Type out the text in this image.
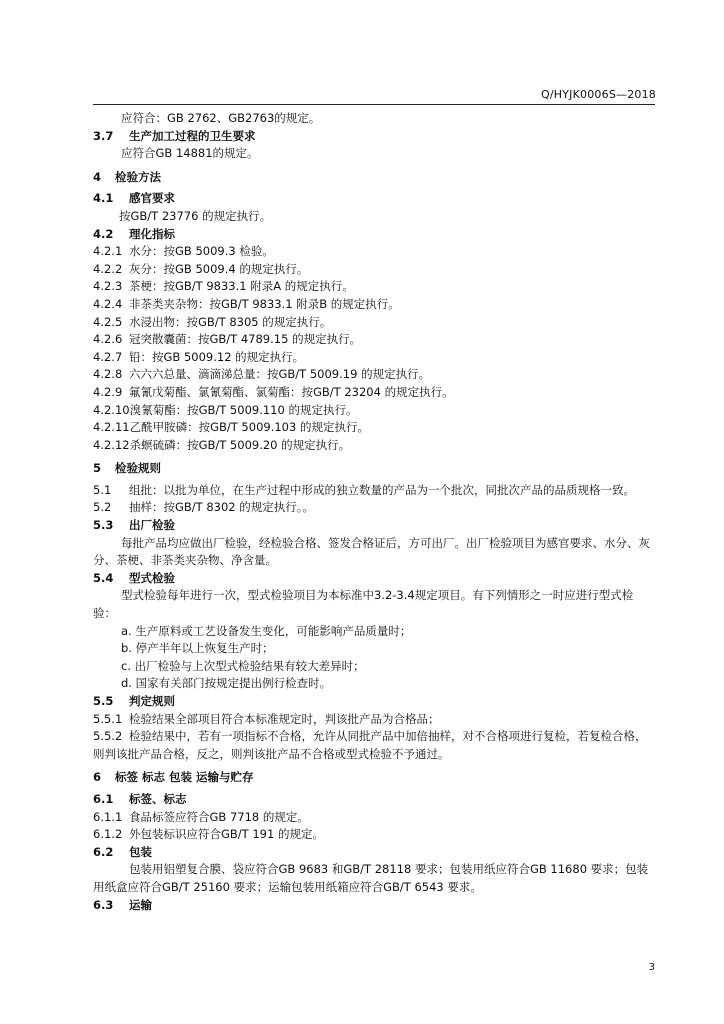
Q/HYJK0006S—2018
应符合：GB 2762、GB2763的规定。
3.7 生产加工过程的卫生要求
应符合GB 14881的规定。
4 检验方法
4.1 感官要求
按GB/T 23776 的规定执行。
4.2 理化指标
4.2.1 水分：按GB 5009.3 检验。
4.2.2 灰分：按GB 5009.4 的规定执行。
4.2.3 茶梗：按GB/T 9833.1 附录A 的规定执行。
4.2.4 非茶类夹杂物：按GB/T 9833.1 附录B 的规定执行。
4.2.5 水浸出物：按GB/T 8305 的规定执行。
4.2.6 冠突散囊菌：按GB/T 4789.15 的规定执行。
4.2.7 铅：按GB 5009.12 的规定执行。
4.2.8 六六六总量、滴滴涕总量：按GB/T 5009.19 的规定执行。
4.2.9 氟氰戊菊酯、氯氰菊酯、氯菊酯：按GB/T 23204 的规定执行。
4.2.10溴氰菊酯：按GB/T 5009.110 的规定执行。
4.2.11乙酰甲胺磷：按GB/T 5009.103 的规定执行。
4.2.12杀螟硫磷：按GB/T 5009.20 的规定执行。
5 检验规则
5.1 组批：以批为单位，在生产过程中形成的独立数量的产品为一个批次，同批次产品的品质规格一致。
5.2 抽样：按GB/T 8302 的规定执行。。
5.3 出厂检验
每批产品均应做出厂检验，经检验合格、签发合格证后，方可出厂。出厂检验项目为感官要求、水分、灰分、茶梗、非茶类夹杂物、净含量。
5.4 型式检验
型式检验每年进行一次，型式检验项目为本标准中3.2-3.4规定项目。有下列情形之一时应进行型式检验：
a. 生产原料或工艺设备发生变化，可能影响产品质量时；
b. 停产半年以上恢复生产时；
c. 出厂检验与上次型式检验结果有较大差异时；
d. 国家有关部门按规定提出例行检查时。
5.5 判定规则
5.5.1 检验结果全部项目符合本标准规定时，判该批产品为合格品；
5.5.2 检验结果中，若有一项指标不合格，允许从同批产品中加倍抽样，对不合格项进行复检，若复检合格，则判该批产品合格，反之，则判该批产品不合格或型式检验不予通过。
6 标签 标志 包装 运输与贮存
6.1 标签、标志
6.1.1 食品标签应符合GB 7718 的规定。
6.1.2 外包装标识应符合GB/T 191 的规定。
6.2 包装
包装用铝塑复合膜、袋应符合GB 9683 和GB/T 28118 要求；包装用纸应符合GB 11680 要求；包装用纸盒应符合GB/T 25160 要求；运输包装用纸箱应符合GB/T 6543 要求。
6.3 运输
3
